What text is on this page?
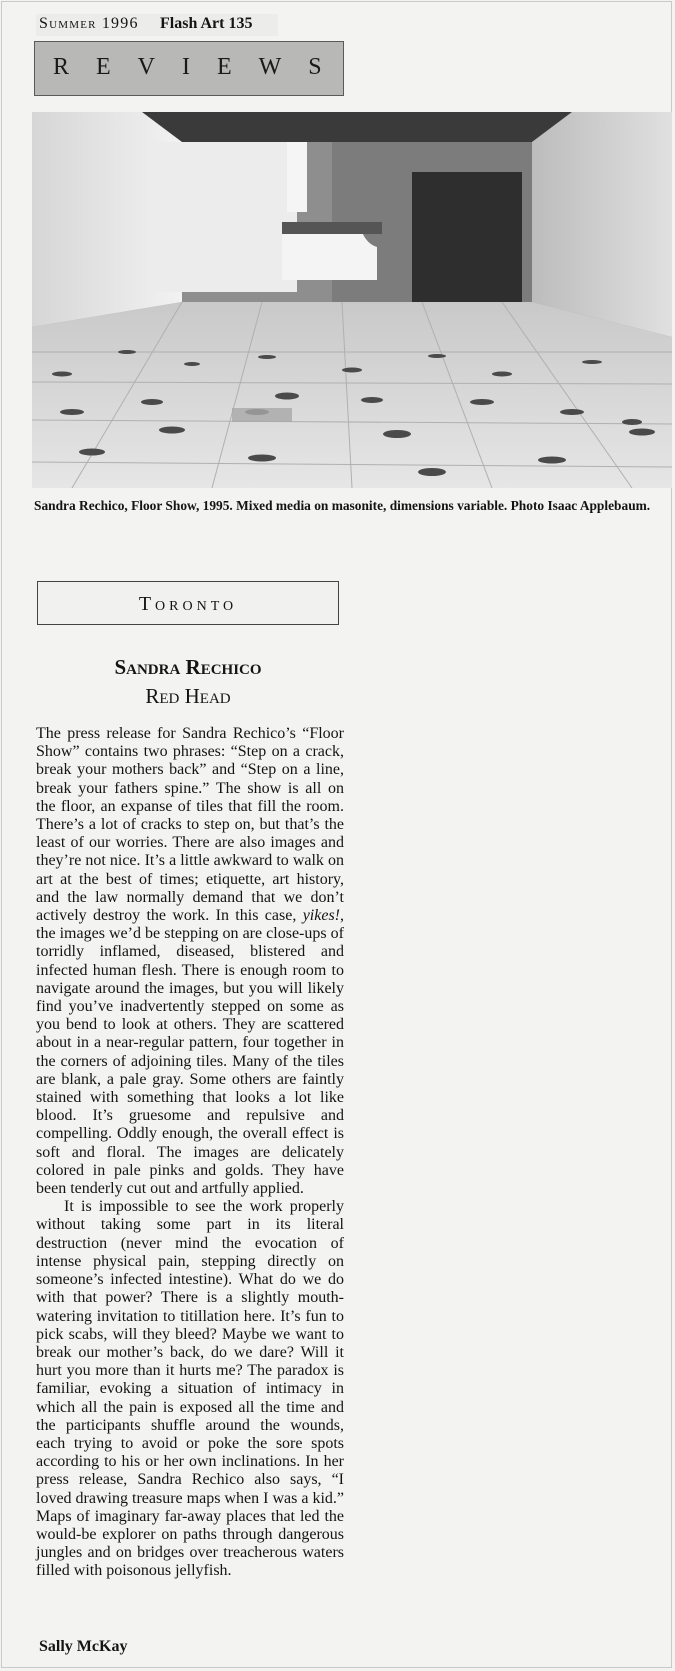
Summer 1996 Flash Art 135
REVIEWS
Sandra Rechico, Floor Show, 1995. Mixed media on masonite, dimensions variable. Photo Isaac Applebaum.
Toronto
Sandra Rechico
Red Head

The press release for Sandra Rechico’s “Floor Show” contains two phrases: “Step on a crack, break your mothers back” and “Step on a line, break your fathers spine.” The show is all on the floor, an expanse of tiles that fill the room. There’s a lot of cracks to step on, but that’s the least of our worries. There are also images and they’re not nice. It’s a little awkward to walk on art at the best of times; etiquette, art history, and the law normally demand that we don’t actively destroy the work. In this case, yikes!, the images we’d be stepping on are close-ups of torridly inflamed, diseased, blistered and infected human flesh. There is enough room to navigate around the images, but you will likely find you’ve inadvertently stepped on some as you bend to look at others. They are scattered about in a near-regular pattern, four together in the corners of adjoining tiles. Many of the tiles are blank, a pale gray. Some others are faintly stained with something that looks a lot like blood. It’s gruesome and repulsive and compelling. Oddly enough, the overall effect is soft and floral. The images are delicately colored in pale pinks and golds. They have been tenderly cut out and artfully applied.

It is impossible to see the work properly without taking some part in its literal destruction (never mind the evocation of intense physical pain, stepping directly on someone’s infected intestine). What do we do with that power? There is a slightly mouth-watering invitation to titillation here. It’s fun to pick scabs, will they bleed? Maybe we want to break our mother’s back, do we dare? Will it hurt you more than it hurts me? The paradox is familiar, evoking a situation of intimacy in which all the pain is exposed all the time and the participants shuffle around the wounds, each trying to avoid or poke the sore spots according to his or her own inclinations. In her press release, Sandra Rechico also says, “I loved drawing treasure maps when I was a kid.” Maps of imaginary far-away places that led the would-be explorer on paths through dangerous jungles and on bridges over treacherous waters filled with poisonous jellyfish.

Sally McKay
